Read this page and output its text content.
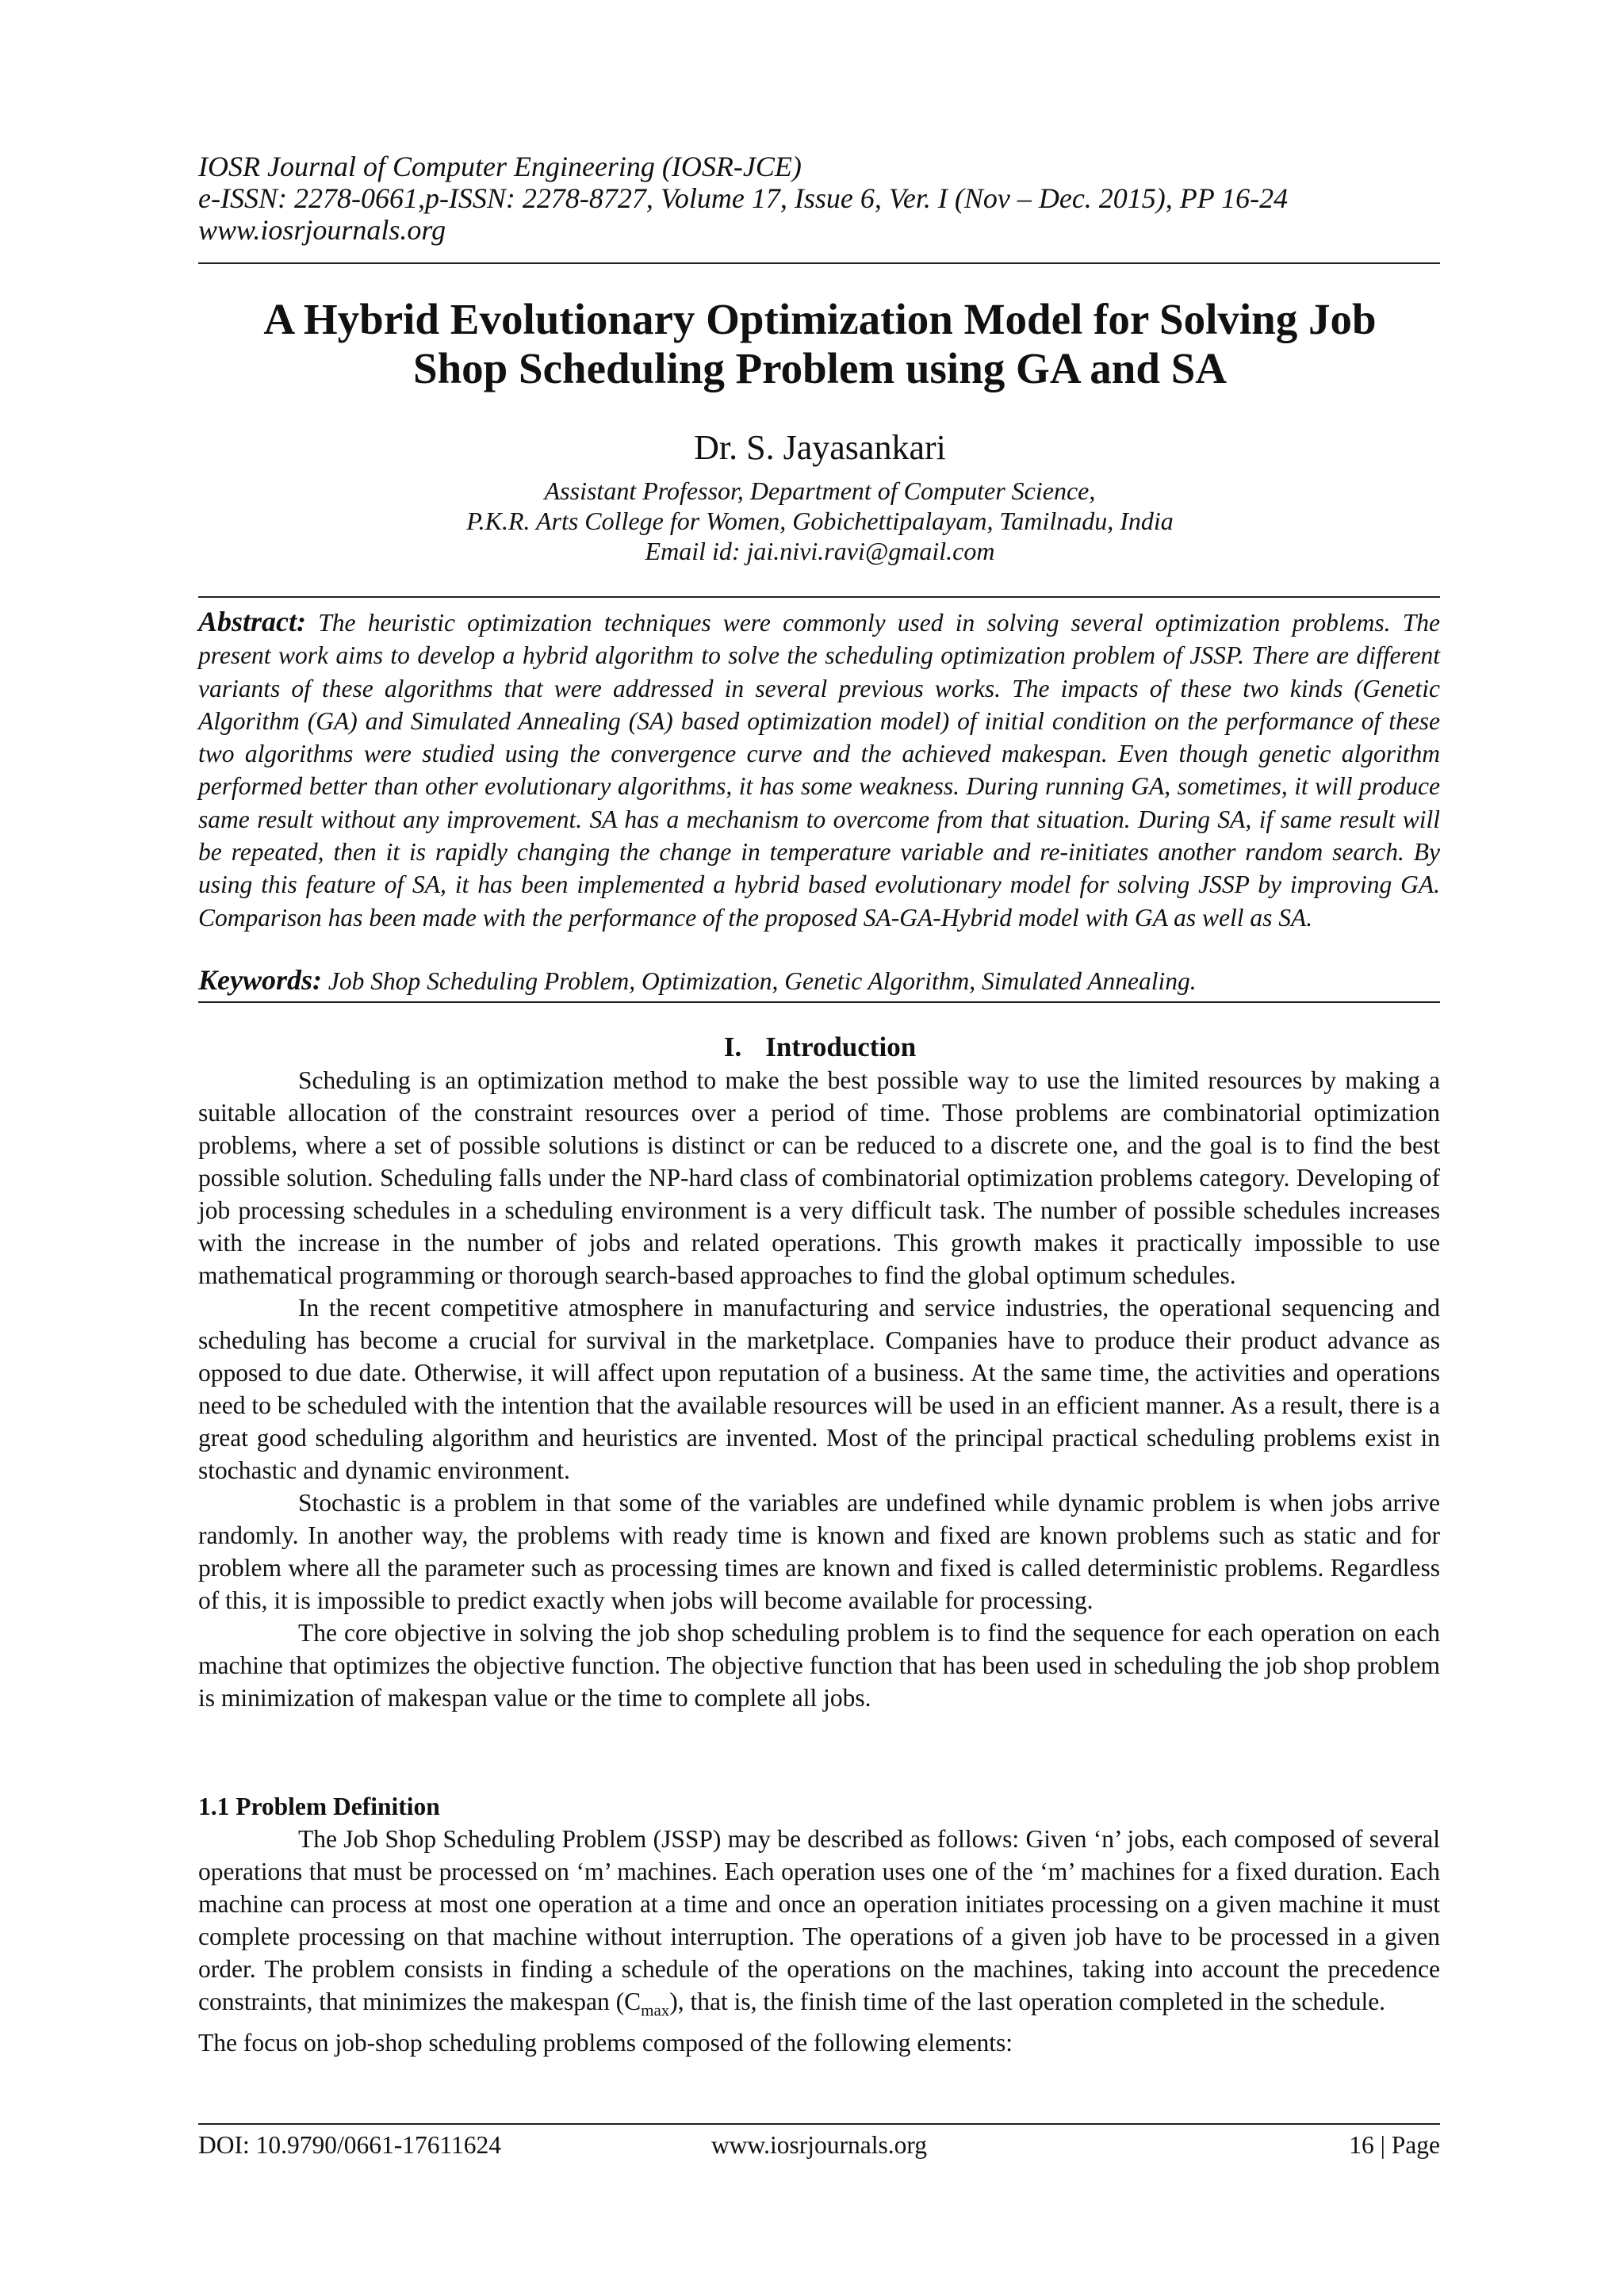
IOSR Journal of Computer Engineering (IOSR-JCE)
e-ISSN: 2278-0661,p-ISSN: 2278-8727, Volume 17, Issue 6, Ver. I (Nov – Dec. 2015), PP 16-24
www.iosrjournals.org
A Hybrid Evolutionary Optimization Model for Solving Job
Shop Scheduling Problem using GA and SA
Dr. S. Jayasankari
Assistant Professor, Department of Computer Science,
P.K.R. Arts College for Women, Gobichettipalayam, Tamilnadu, India
Email id: jai.nivi.ravi@gmail.com
Abstract: The heuristic optimization techniques were commonly used in solving several optimization problems. The present work aims to develop a hybrid algorithm to solve the scheduling optimization problem of JSSP. There are different variants of these algorithms that were addressed in several previous works. The impacts of these two kinds (Genetic Algorithm (GA) and Simulated Annealing (SA) based optimization model) of initial condition on the performance of these two algorithms were studied using the convergence curve and the achieved makespan. Even though genetic algorithm performed better than other evolutionary algorithms, it has some weakness. During running GA, sometimes, it will produce same result without any improvement. SA has a mechanism to overcome from that situation. During SA, if same result will be repeated, then it is rapidly changing the change in temperature variable and re-initiates another random search. By using this feature of SA, it has been implemented a hybrid based evolutionary model for solving JSSP by improving GA. Comparison has been made with the performance of the proposed SA-GA-Hybrid model with GA as well as SA.
Keywords: Job Shop Scheduling Problem, Optimization, Genetic Algorithm, Simulated Annealing.
I. Introduction

Scheduling is an optimization method to make the best possible way to use the limited resources by making a suitable allocation of the constraint resources over a period of time. Those problems are combinatorial optimization problems, where a set of possible solutions is distinct or can be reduced to a discrete one, and the goal is to find the best possible solution. Scheduling falls under the NP-hard class of combinatorial optimization problems category. Developing of job processing schedules in a scheduling environment is a very difficult task. The number of possible schedules increases with the increase in the number of jobs and related operations. This growth makes it practically impossible to use mathematical programming or thorough search-based approaches to find the global optimum schedules.

In the recent competitive atmosphere in manufacturing and service industries, the operational sequencing and scheduling has become a crucial for survival in the marketplace. Companies have to produce their product advance as opposed to due date. Otherwise, it will affect upon reputation of a business. At the same time, the activities and operations need to be scheduled with the intention that the available resources will be used in an efficient manner. As a result, there is a great good scheduling algorithm and heuristics are invented. Most of the principal practical scheduling problems exist in stochastic and dynamic environment.

Stochastic is a problem in that some of the variables are undefined while dynamic problem is when jobs arrive randomly. In another way, the problems with ready time is known and fixed are known problems such as static and for problem where all the parameter such as processing times are known and fixed is called deterministic problems. Regardless of this, it is impossible to predict exactly when jobs will become available for processing.

The core objective in solving the job shop scheduling problem is to find the sequence for each operation on each machine that optimizes the objective function. The objective function that has been used in scheduling the job shop problem is minimization of makespan value or the time to complete all jobs.

1.1 Problem Definition

The Job Shop Scheduling Problem (JSSP) may be described as follows: Given ‘n’ jobs, each composed of several operations that must be processed on ‘m’ machines. Each operation uses one of the ‘m’ machines for a fixed duration. Each machine can process at most one operation at a time and once an operation initiates processing on a given machine it must complete processing on that machine without interruption. The operations of a given job have to be processed in a given order. The problem consists in finding a schedule of the operations on the machines, taking into account the precedence constraints, that minimizes the makespan $(C_{max})$, that is, the finish time of the last operation completed in the schedule.

The focus on job-shop scheduling problems composed of the following elements:

DOI: 10.9790/0661-17611624	www.iosrjournals.org	16 | Page
